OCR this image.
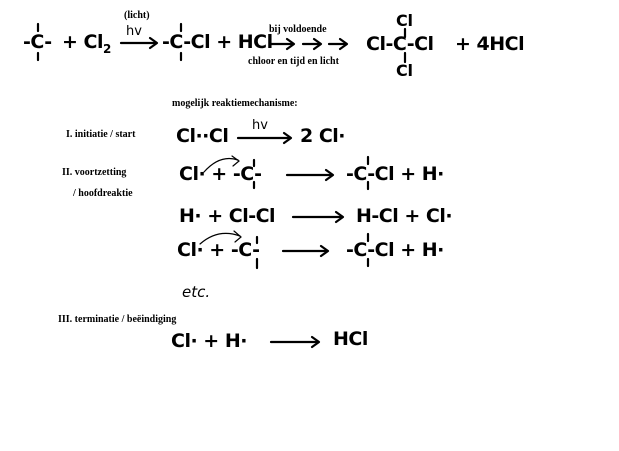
$-C- + Cl_2$
(licht)
hv -C-Cl + HCl
bij voldoende
chloor en tijd en licht
Cl
Cl-C-Cl
Cl
+ 4HCl
mogelijk reaktiemechanisme:
I. initiatie / start Cl··Cl hv 2 Cl·
II. voortzetting
/ hoofdreaktie
Cl· + -C-	-C-Cl + H·
H· + Cl-Cl	H-Cl + Cl·
Cl· + -C-	-C-Cl + H·
etc.
III. terminatie / beëindiging
Cl· + H·	HCl
